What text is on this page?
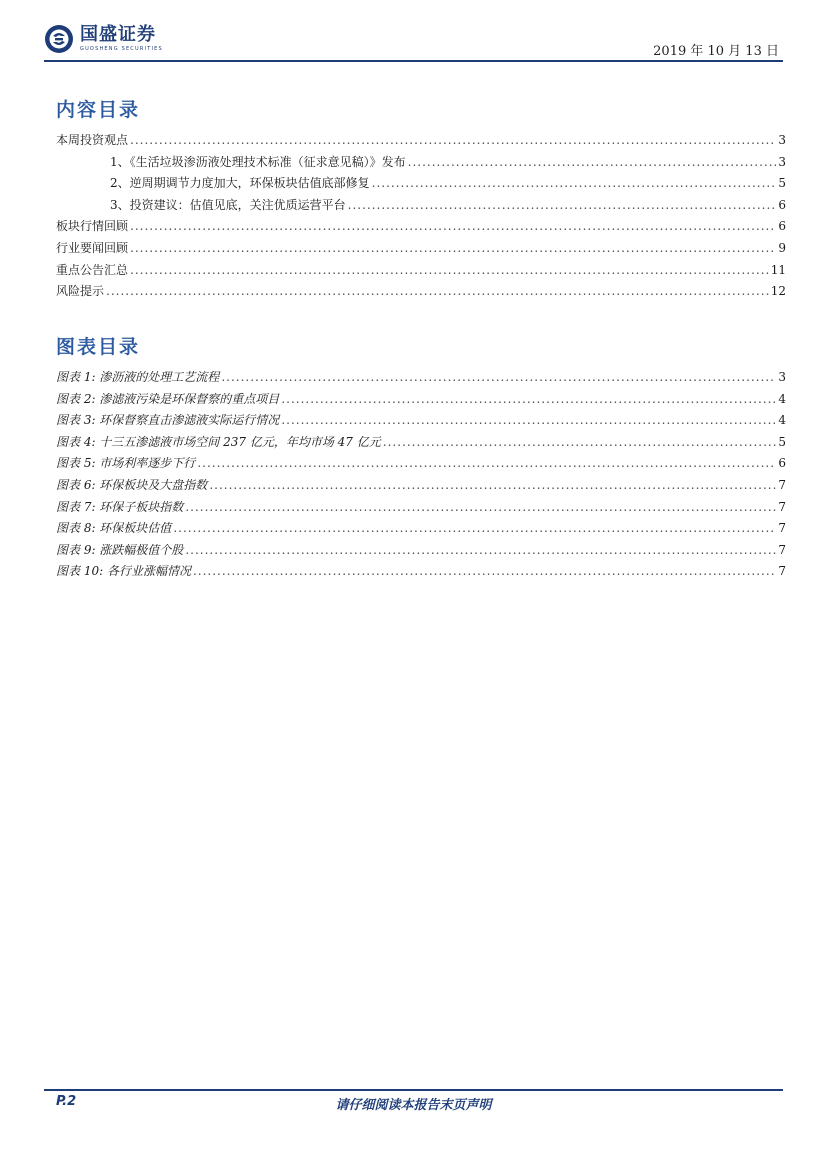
国盛证券
GUOSHENG SECURITIES	2019 年 10 月 13 日
内容目录
本周投资观点 .....	3
1、《生活垃圾渗沥液处理技术标准（征求意见稿）》发布 .....	3
2、逆周期调节力度加大，环保板块估值底部修复 .....	5
3、投资建议：估值见底，关注优质运营平台 .....	6
板块行情回顾 .....	6
行业要闻回顾 .....	9
重点公告汇总 .....	11
风险提示 .....	12
图表目录
图表 1: 渗沥液的处理工艺流程 .....	3
图表 2: 渗滤液污染是环保督察的重点项目 .....	4
图表 3: 环保督察直击渗滤液实际运行情况 .....	4
图表 4: 十三五渗滤液市场空间 237 亿元，年均市场 47 亿元 .....	5
图表 5: 市场利率逐步下行 .....	6
图表 6: 环保板块及大盘指数 .....	7
图表 7: 环保子板块指数 .....	7
图表 8: 环保板块估值 .....	7
图表 9: 涨跌幅极值个股 .....	7
图表 10: 各行业涨幅情况 .....	7
P.2	请仔细阅读本报告末页声明
